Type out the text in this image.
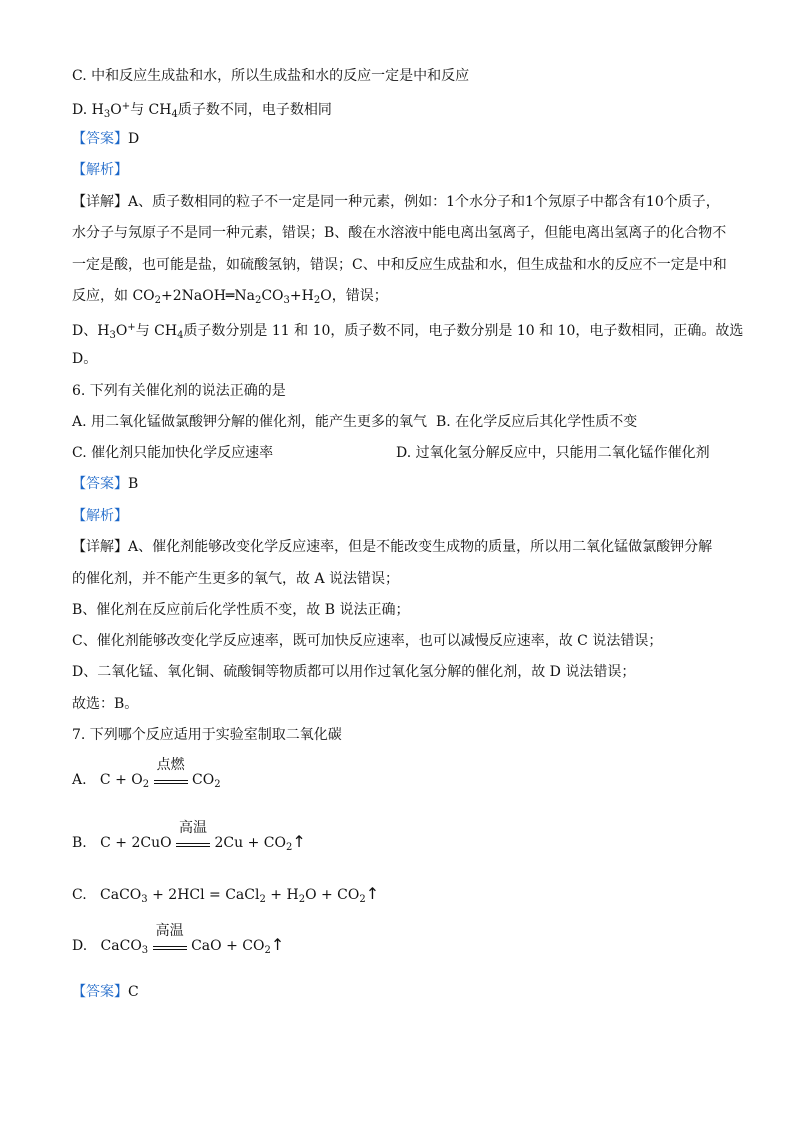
C. 中和反应生成盐和水，所以生成盐和水的反应一定是中和反应
D. $H_3O^+$与 $CH_4$质子数不同，电子数相同
【答案】D
【解析】
【详解】A、质子数相同的粒子不一定是同一种元素，例如：1个水分子和1个氖原子中都含有10个质子，
水分子与氖原子不是同一种元素，错误；B、酸在水溶液中能电离出氢离子，但能电离出氢离子的化合物不
一定是酸，也可能是盐，如硫酸氢钠，错误；C、中和反应生成盐和水，但生成盐和水的反应不一定是中和
反应，如 $CO_2+2NaOH═Na_2CO_3+H_2O$，错误；
D、$H_3O^+$与 $CH_4$质子数分别是 11 和 10，质子数不同，电子数分别是 10 和 10，电子数相同，正确。故选
D。
6. 下列有关催化剂的说法正确的是
A. 用二氧化锰做氯酸钾分解的催化剂，能产生更多的氧气 B. 在化学反应后其化学性质不变
C. 催化剂只能加快化学反应速率	D. 过氧化氢分解反应中，只能用二氧化锰作催化剂
【答案】B
【解析】
【详解】A、催化剂能够改变化学反应速率，但是不能改变生成物的质量，所以用二氧化锰做氯酸钾分解
的催化剂，并不能产生更多的氧气，故 A 说法错误；
B、催化剂在反应前后化学性质不变，故 B 说法正确；
C、催化剂能够改变化学反应速率，既可加快反应速率，也可以减慢反应速率，故 C 说法错误；
D、二氧化锰、氧化铜、硫酸铜等物质都可以用作过氧化氢分解的催化剂，故 D 说法错误；
故选：B。
7. 下列哪个反应适用于实验室制取二氧化碳
A. $C + O_2$
点燃
$CO_2$
B. C + 2CuO
高温
$2Cu + CO_2↑$
C. CaCO$_3$ + 2HCl = CaCl$_2$ + $H_2O$ + $CO_2↑$
D. CaCO$_3$
高温
CaO + $CO_2↑$
【答案】C
